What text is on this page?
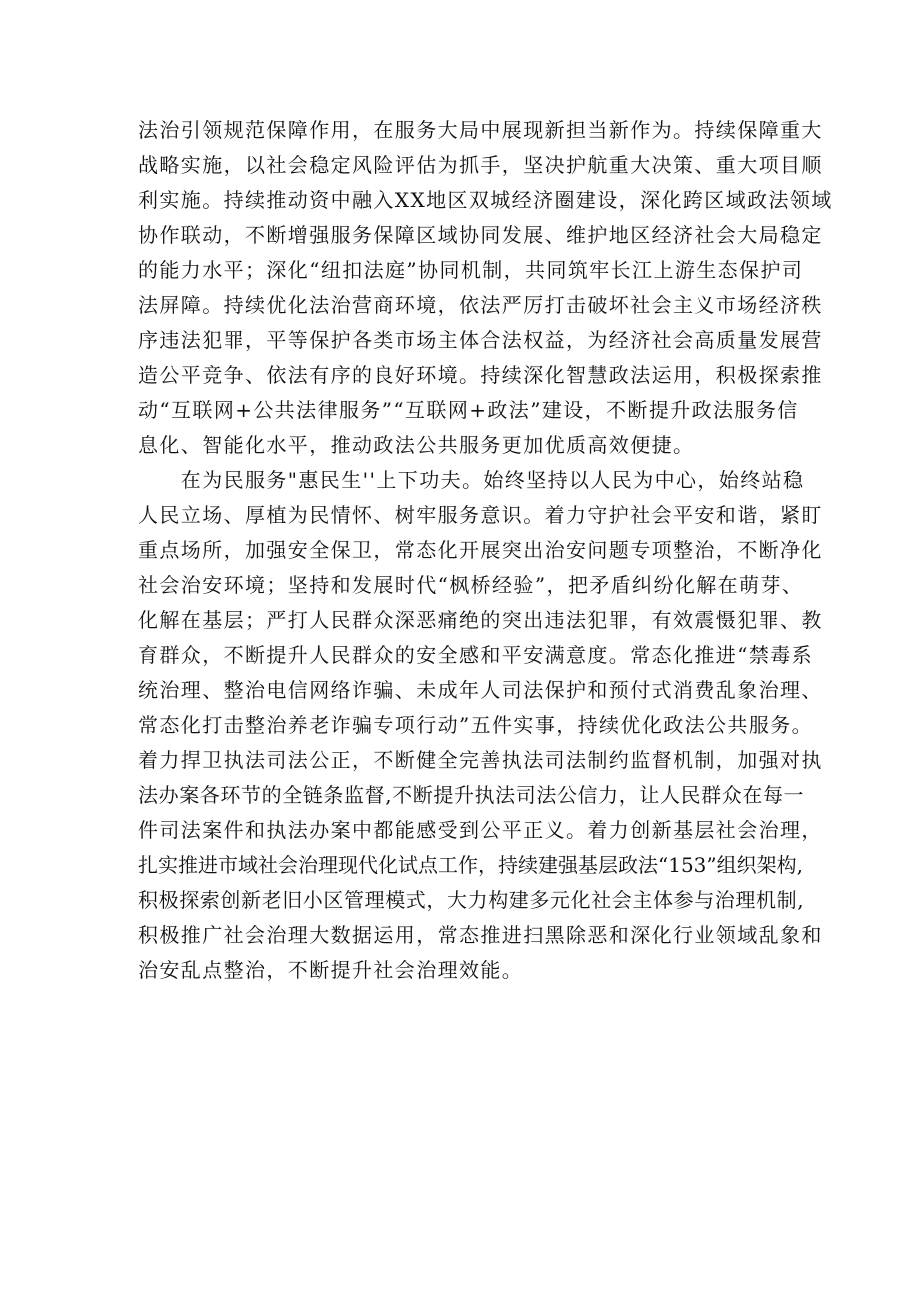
法治引领规范保障作用，在服务大局中展现新担当新作为。持续保障重大
战略实施，以社会稳定风险评估为抓手，坚决护航重大决策、重大项目顺
利实施。持续推动资中融入XX地区双城经济圈建设，深化跨区域政法领域
协作联动，不断增强服务保障区域协同发展、维护地区经济社会大局稳定
的能力水平；深化“纽扣法庭”协同机制，共同筑牢长江上游生态保护司
法屏障。持续优化法治营商环境，依法严厉打击破坏社会主义市场经济秩
序违法犯罪，平等保护各类市场主体合法权益，为经济社会高质量发展营
造公平竞争、依法有序的良好环境。持续深化智慧政法运用，积极探索推
动“互联网+公共法律服务”“互联网+政法”建设，不断提升政法服务信
息化、智能化水平，推动政法公共服务更加优质高效便捷。
　　在为民服务"惠民生''上下功夫。始终坚持以人民为中心，始终站稳
人民立场、厚植为民情怀、树牢服务意识。着力守护社会平安和谐，紧盯
重点场所，加强安全保卫，常态化开展突出治安问题专项整治，不断净化
社会治安环境；坚持和发展时代“枫桥经验”，把矛盾纠纷化解在萌芽、
化解在基层；严打人民群众深恶痛绝的突出违法犯罪，有效震慑犯罪、教
育群众，不断提升人民群众的安全感和平安满意度。常态化推进“禁毒系
统治理、整治电信网络诈骗、未成年人司法保护和预付式消费乱象治理、
常态化打击整治养老诈骗专项行动”五件实事，持续优化政法公共服务。
着力捍卫执法司法公正，不断健全完善执法司法制约监督机制，加强对执
法办案各环节的全链条监督,不断提升执法司法公信力，让人民群众在每一
件司法案件和执法办案中都能感受到公平正义。着力创新基层社会治理，
扎实推进市域社会治理现代化试点工作，持续建强基层政法“153”组织架构,
积极探索创新老旧小区管理模式，大力构建多元化社会主体参与治理机制,
积极推广社会治理大数据运用，常态推进扫黑除恶和深化行业领域乱象和
治安乱点整治，不断提升社会治理效能。
